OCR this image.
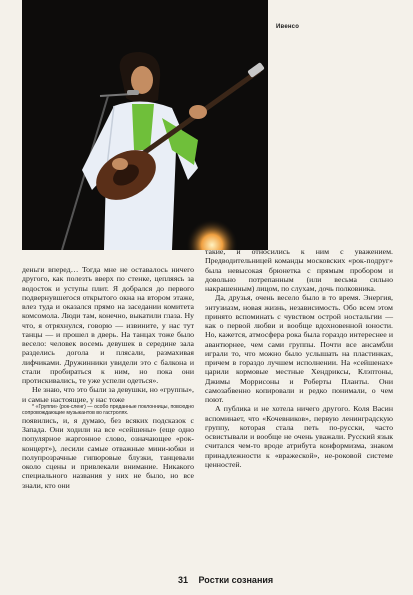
Ивенсо

деньги вперед… Тогда мне не оставалось ничего другого, как полезть вверх по стенке, цепляясь за водосток и уступы плит. Я добрался до первого подвернувшегося открытого окна на втором этаже, влез туда и оказался прямо на заседании комитета комсомола. Люди там, конечно, выкатили глаза. Ну что, я отряхнулся, говорю — извините, у нас тут танцы — и прошел в дверь. На танцах тоже было весело: человек восемь девушек в середине зала разделись догола и плясали, размахивая лифчиками. Дружинники увидели это с балкона и стали пробираться к ним, но пока они протискивались, те уже успели одеться».

Не знаю, что это были за девушки, но «группы», и самые настоящие, у нас тоже

* «Группи» (рок-сленг) — особо преданные поклонницы, повсюдно сопровождающие музыкантов во гастролях.

появились, и, я думаю, без всяких подсказок с Запада. Они ходили на все «сейшены» (еще одно популярное жаргонное слово, означающее «рок-концерт»), лесили самые отважные мини-юбки и полупрозрачные гипюровые блузки, танцевали около сцены и привлекали внимание. Никакого специального названия у них не было, но все знали, кто они

такие, и относились к ним с уважением. Предводительницей команды московских «рок-подруг» была невысокая брюнетка с прямым пробором и довольно потрепанным (или весьма сильно накрашенным) лицом, по слухам, дочь полковника.

Да, друзья, очень весело было в то время. Энергия, энтузиазм, новая жизнь, независимость. Обо всем этом принято вспоминать с чувством острой ностальгии — как о первой любви и вообще вдохновенной юности. Но, кажется, атмосфера рока была гораздо интереснее и авантюрнее, чем сами группы. Почти все ансамбли играли то, что можно было услышать на пластинках, причем в гораздо лучшем исполнении. На «сейшенах» царили кормовые местные Хендриксы, Клэптоны, Джимы Моррисоны и Роберты Планты. Они самозабвенно копировали и редко понимали, о чем поют.

А публика и не хотела ничего другого. Коля Васин вспоминает, что «Кочевников», первую ленинградскую группу, которая стала петь по-русски, часто освистывали и вообще не очень уважали. Русский язык считался чем-то вроде атрибута конформизма, знаком принадлежности к «вражеской», не-роковой системе ценностей.

31 Ростки сознания
